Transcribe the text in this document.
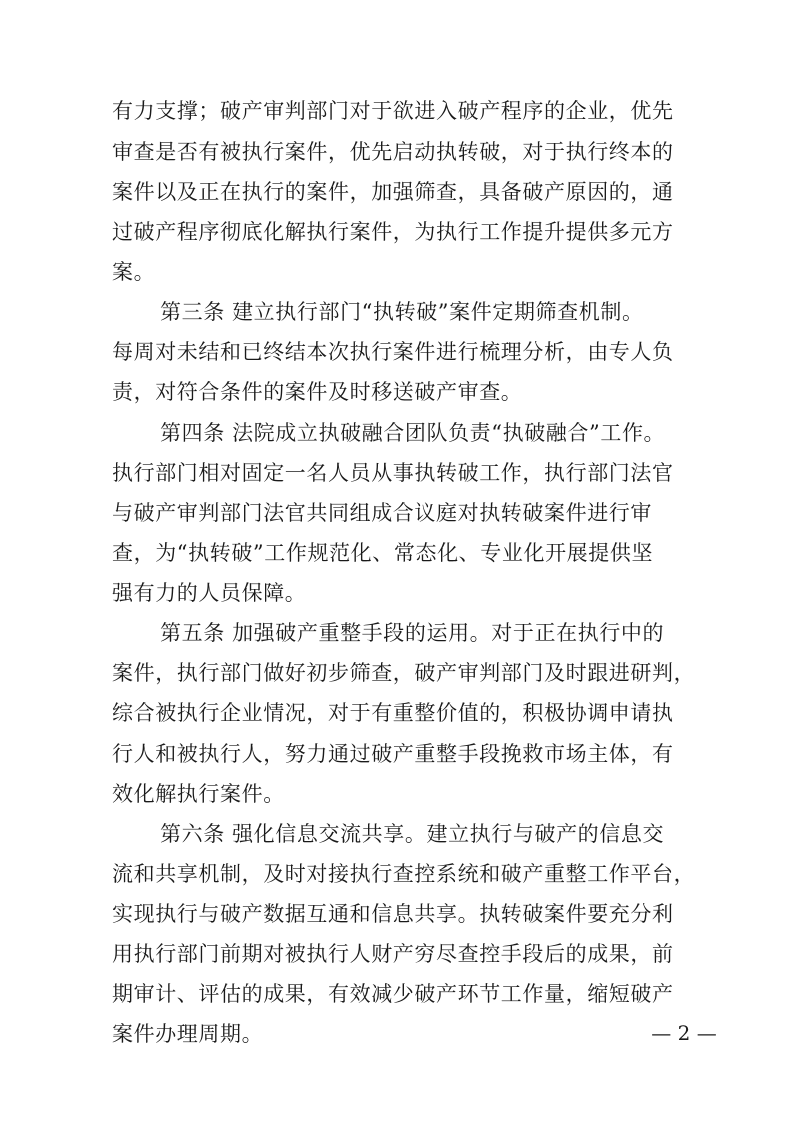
有力支撑；破产审判部门对于欲进入破产程序的企业，优先
审查是否有被执行案件，优先启动执转破，对于执行终本的
案件以及正在执行的案件，加强筛查，具备破产原因的，通
过破产程序彻底化解执行案件，为执行工作提升提供多元方
案。
第三条 建立执行部门“执转破”案件定期筛查机制。
每周对未结和已终结本次执行案件进行梳理分析，由专人负
责，对符合条件的案件及时移送破产审查。
第四条 法院成立执破融合团队负责“执破融合”工作。
执行部门相对固定一名人员从事执转破工作，执行部门法官
与破产审判部门法官共同组成合议庭对执转破案件进行审
查，为“执转破”工作规范化、常态化、专业化开展提供坚
强有力的人员保障。
第五条 加强破产重整手段的运用。对于正在执行中的
案件，执行部门做好初步筛查，破产审判部门及时跟进研判，
综合被执行企业情况，对于有重整价值的，积极协调申请执
行人和被执行人，努力通过破产重整手段挽救市场主体，有
效化解执行案件。
第六条 强化信息交流共享。建立执行与破产的信息交
流和共享机制，及时对接执行查控系统和破产重整工作平台，
实现执行与破产数据互通和信息共享。执转破案件要充分利
用执行部门前期对被执行人财产穷尽查控手段后的成果，前
期审计、评估的成果，有效减少破产环节工作量，缩短破产
案件办理周期。	— 2 —
